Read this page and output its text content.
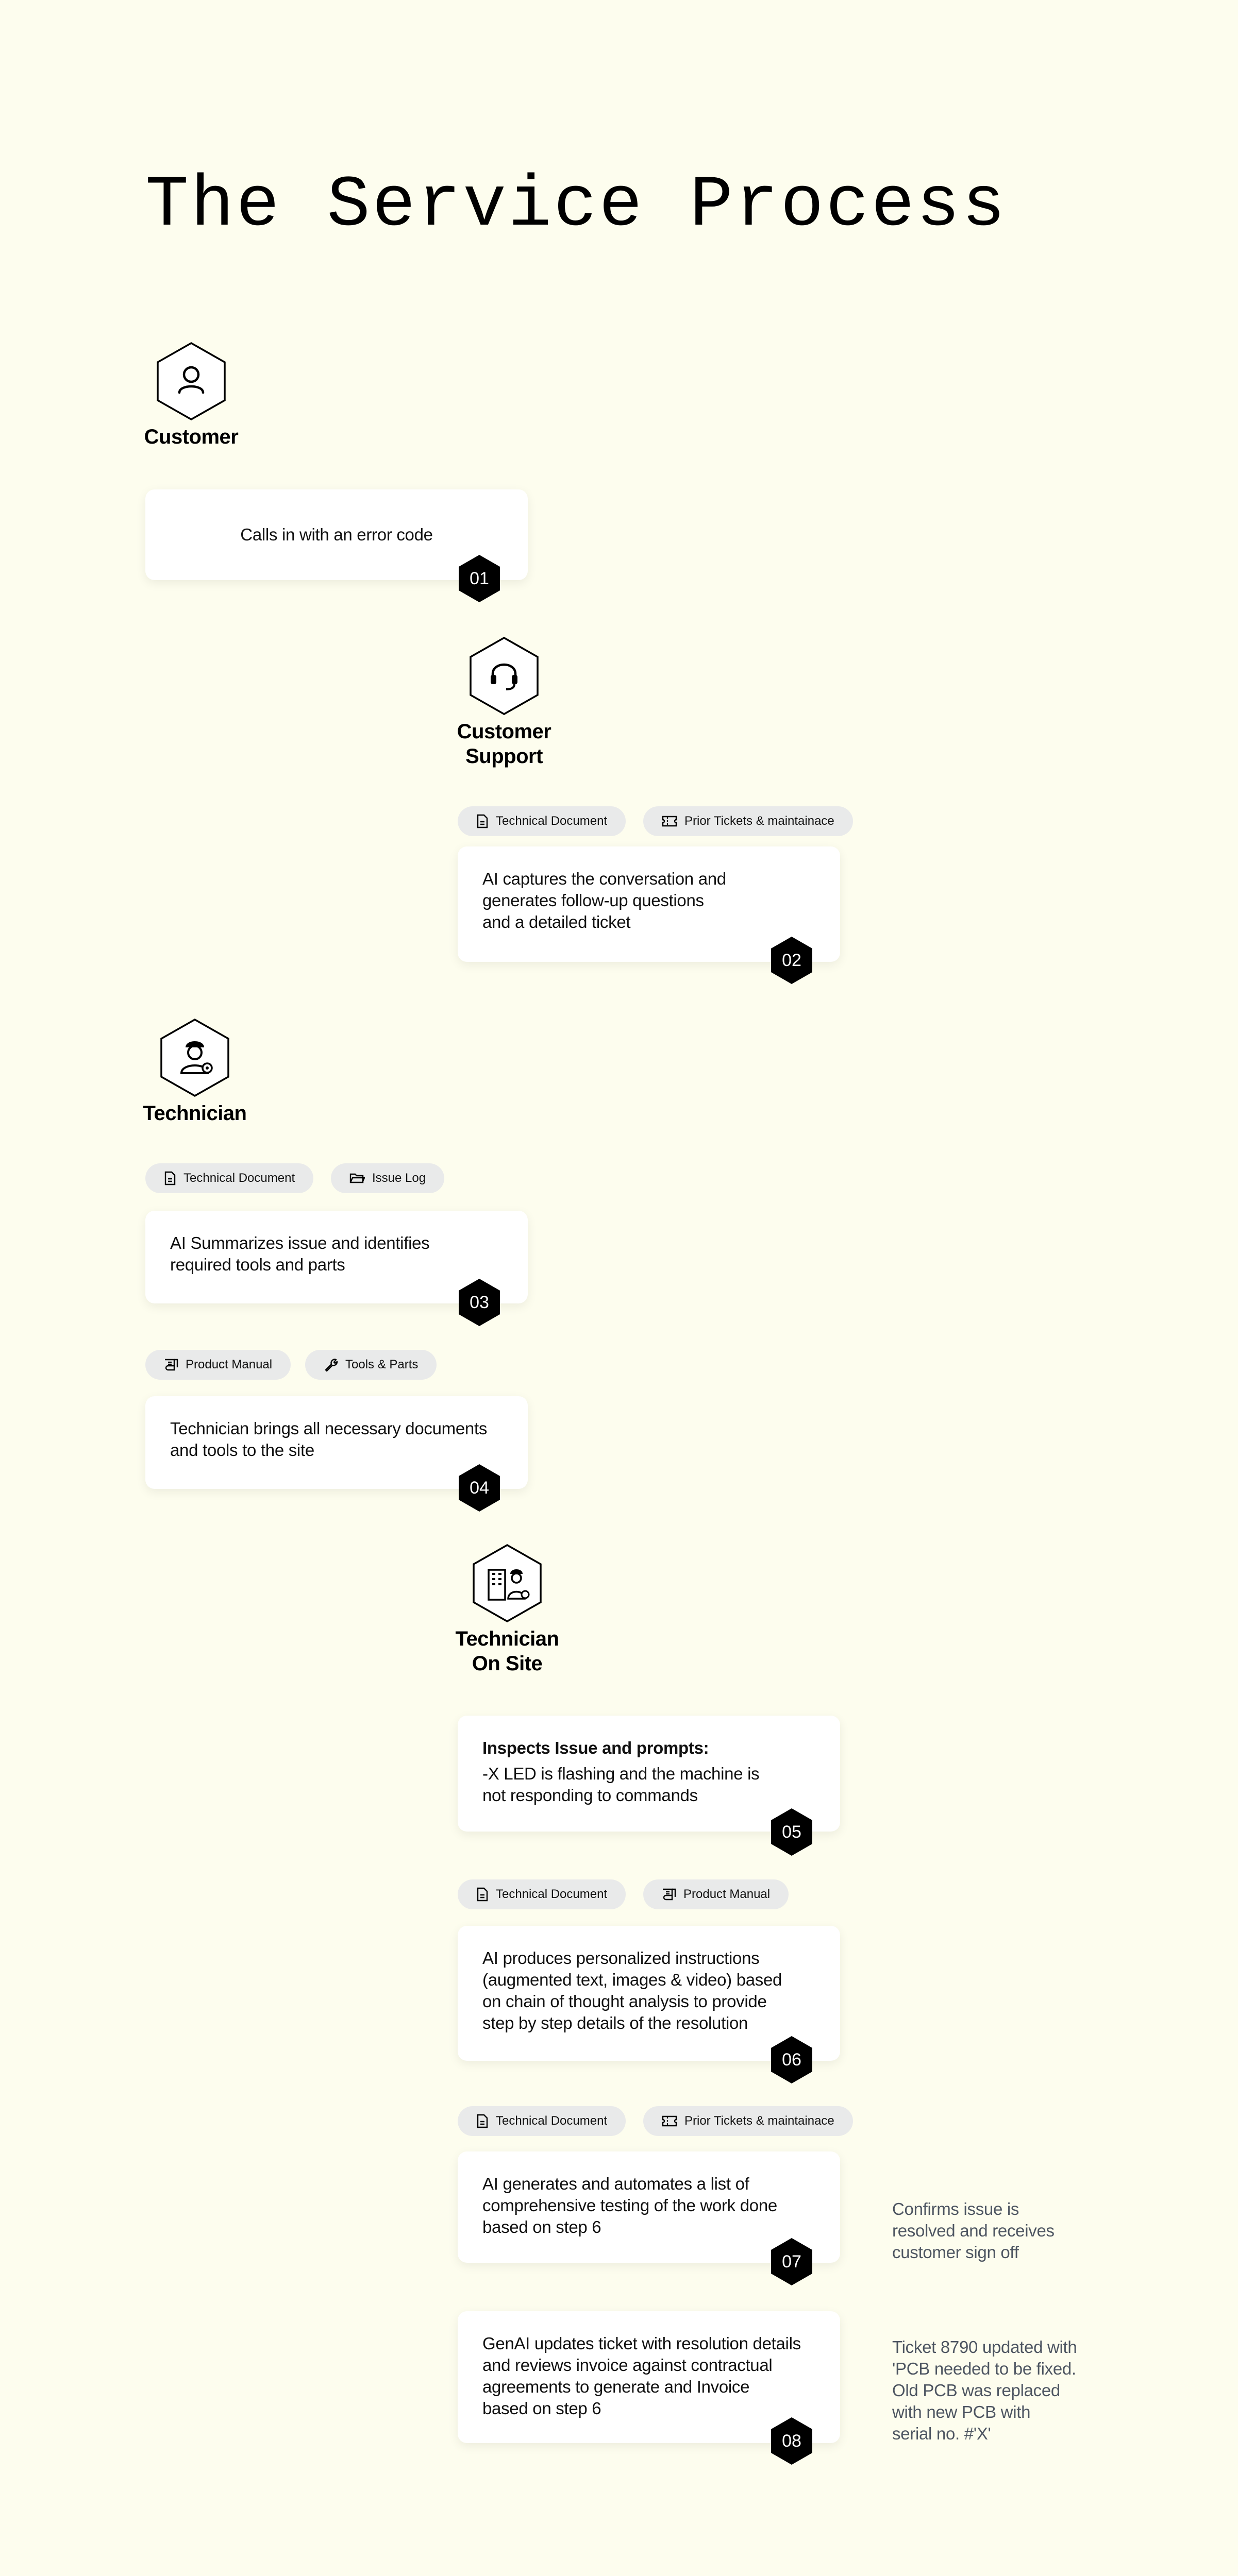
The Service Process
Customer
Calls in with an error code
01
Customer
Support
Technical Document	Prior Tickets & maintainace
AI captures the conversation and
generates follow-up questions
and a detailed ticket
02
Technician
Technical Document	Issue Log
AI Summarizes issue and identifies
required tools and parts
03
Product Manual	Tools & Parts
Technician brings all necessary documents
and tools to the site
04
Technician
On Site
Inspects Issue and prompts:
-X LED is flashing and the machine is
not responding to commands
05
Technical Document	Product Manual
AI produces personalized instructions
(augmented text, images & video) based
on chain of thought analysis to provide
step by step details of the resolution
06
Technical Document	Prior Tickets & maintainace
AI generates and automates a list of
comprehensive testing of the work done
based on step 6
07
Confirms issue is
resolved and receives
customer sign off
GenAI updates ticket with resolution details
and reviews invoice against contractual
agreements to generate and Invoice
based on step 6
08
Ticket 8790 updated with
'PCB needed to be fixed.
Old PCB was replaced
with new PCB with
serial no. #'X'
